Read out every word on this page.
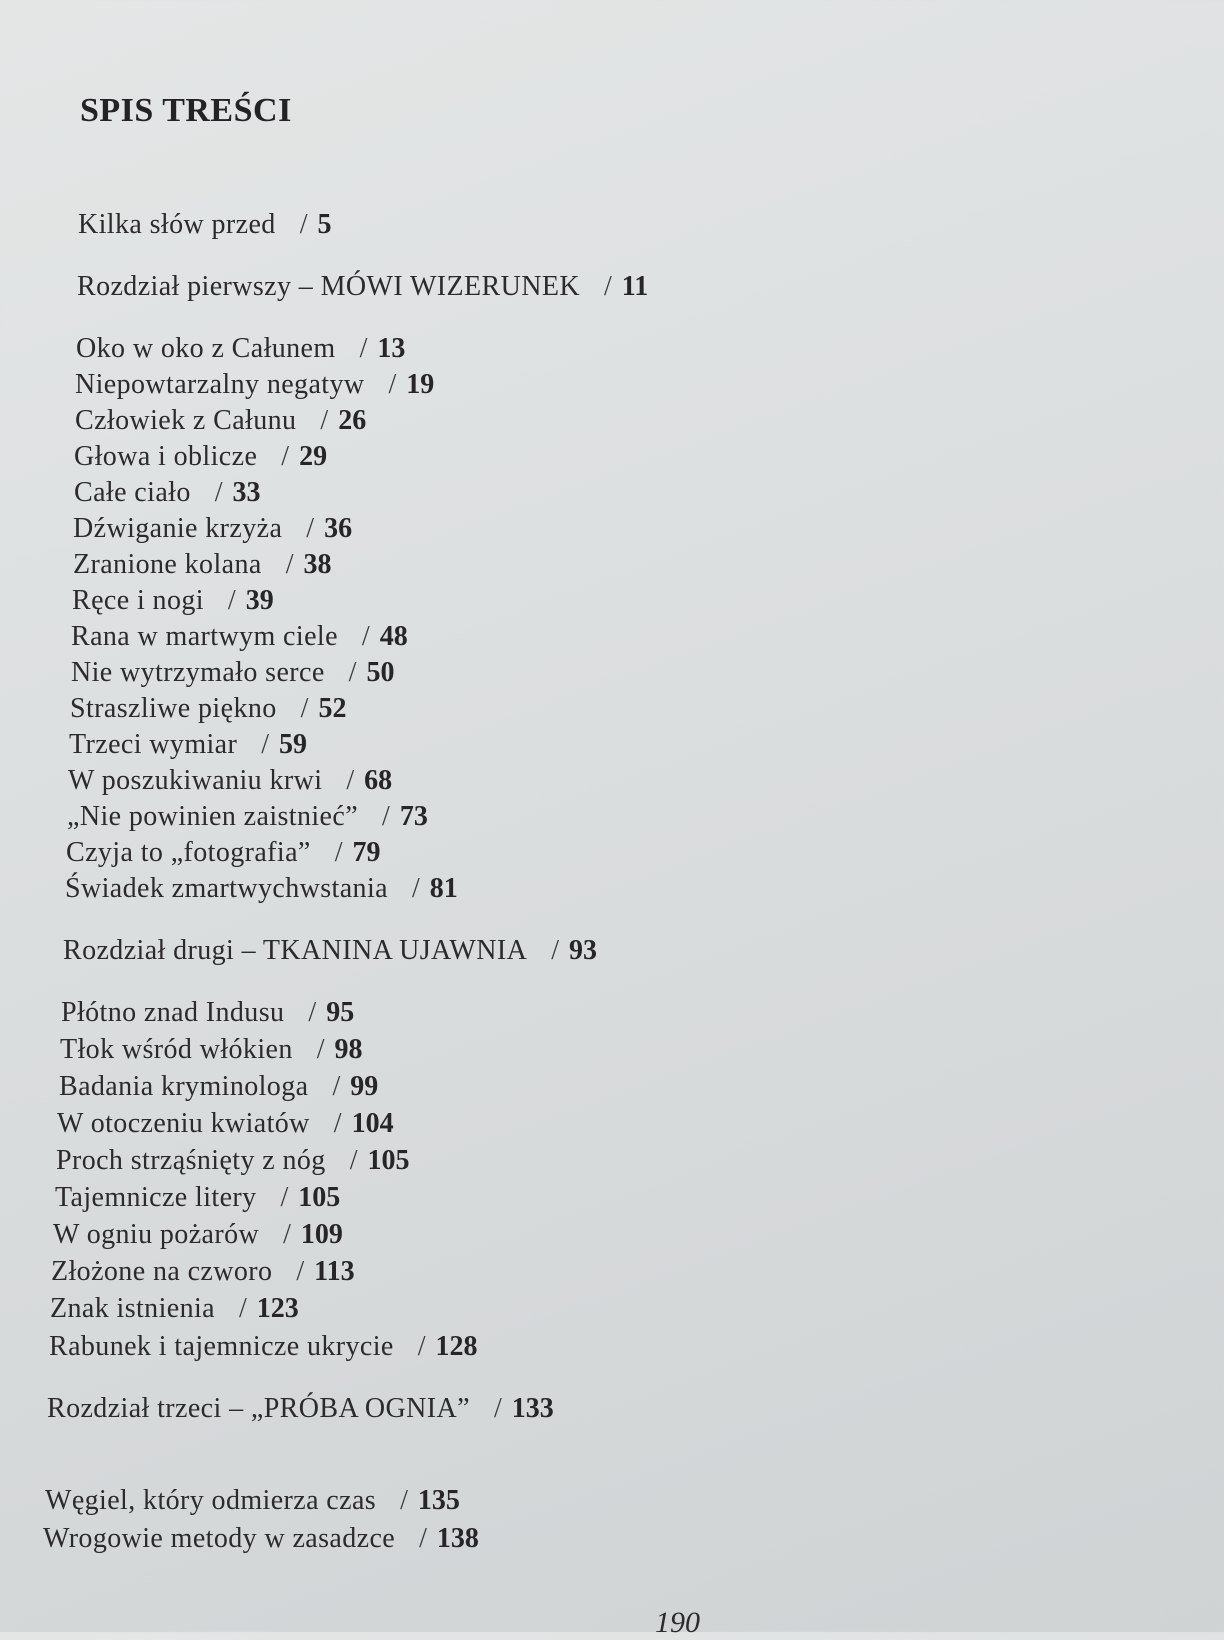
SPIS TREŚCI
Kilka słów przed / 5
Rozdział pierwszy – MÓWI WIZERUNEK / 11
Oko w oko z Całunem / 13
Niepowtarzalny negatyw / 19
Człowiek z Całunu / 26
Głowa i oblicze / 29
Całe ciało / 33
Dźwiganie krzyża / 36
Zranione kolana / 38
Ręce i nogi / 39
Rana w martwym ciele / 48
Nie wytrzymało serce / 50
Straszliwe piękno / 52
Trzeci wymiar / 59
W poszukiwaniu krwi / 68
„Nie powinien zaistnieć” / 73
Czyja to „fotografia” / 79
Świadek zmartwychwstania / 81
Rozdział drugi – TKANINA UJAWNIA / 93
Płótno znad Indusu / 95
Tłok wśród włókien / 98
Badania kryminologa / 99
W otoczeniu kwiatów / 104
Proch strząśnięty z nóg / 105
Tajemnicze litery / 105
W ogniu pożarów / 109
Złożone na czworo / 113
Znak istnienia / 123
Rabunek i tajemnicze ukrycie / 128
Rozdział trzeci – „PRÓBA OGNIA” / 133
Węgiel, który odmierza czas / 135
Wrogowie metody w zasadzce / 138
190
